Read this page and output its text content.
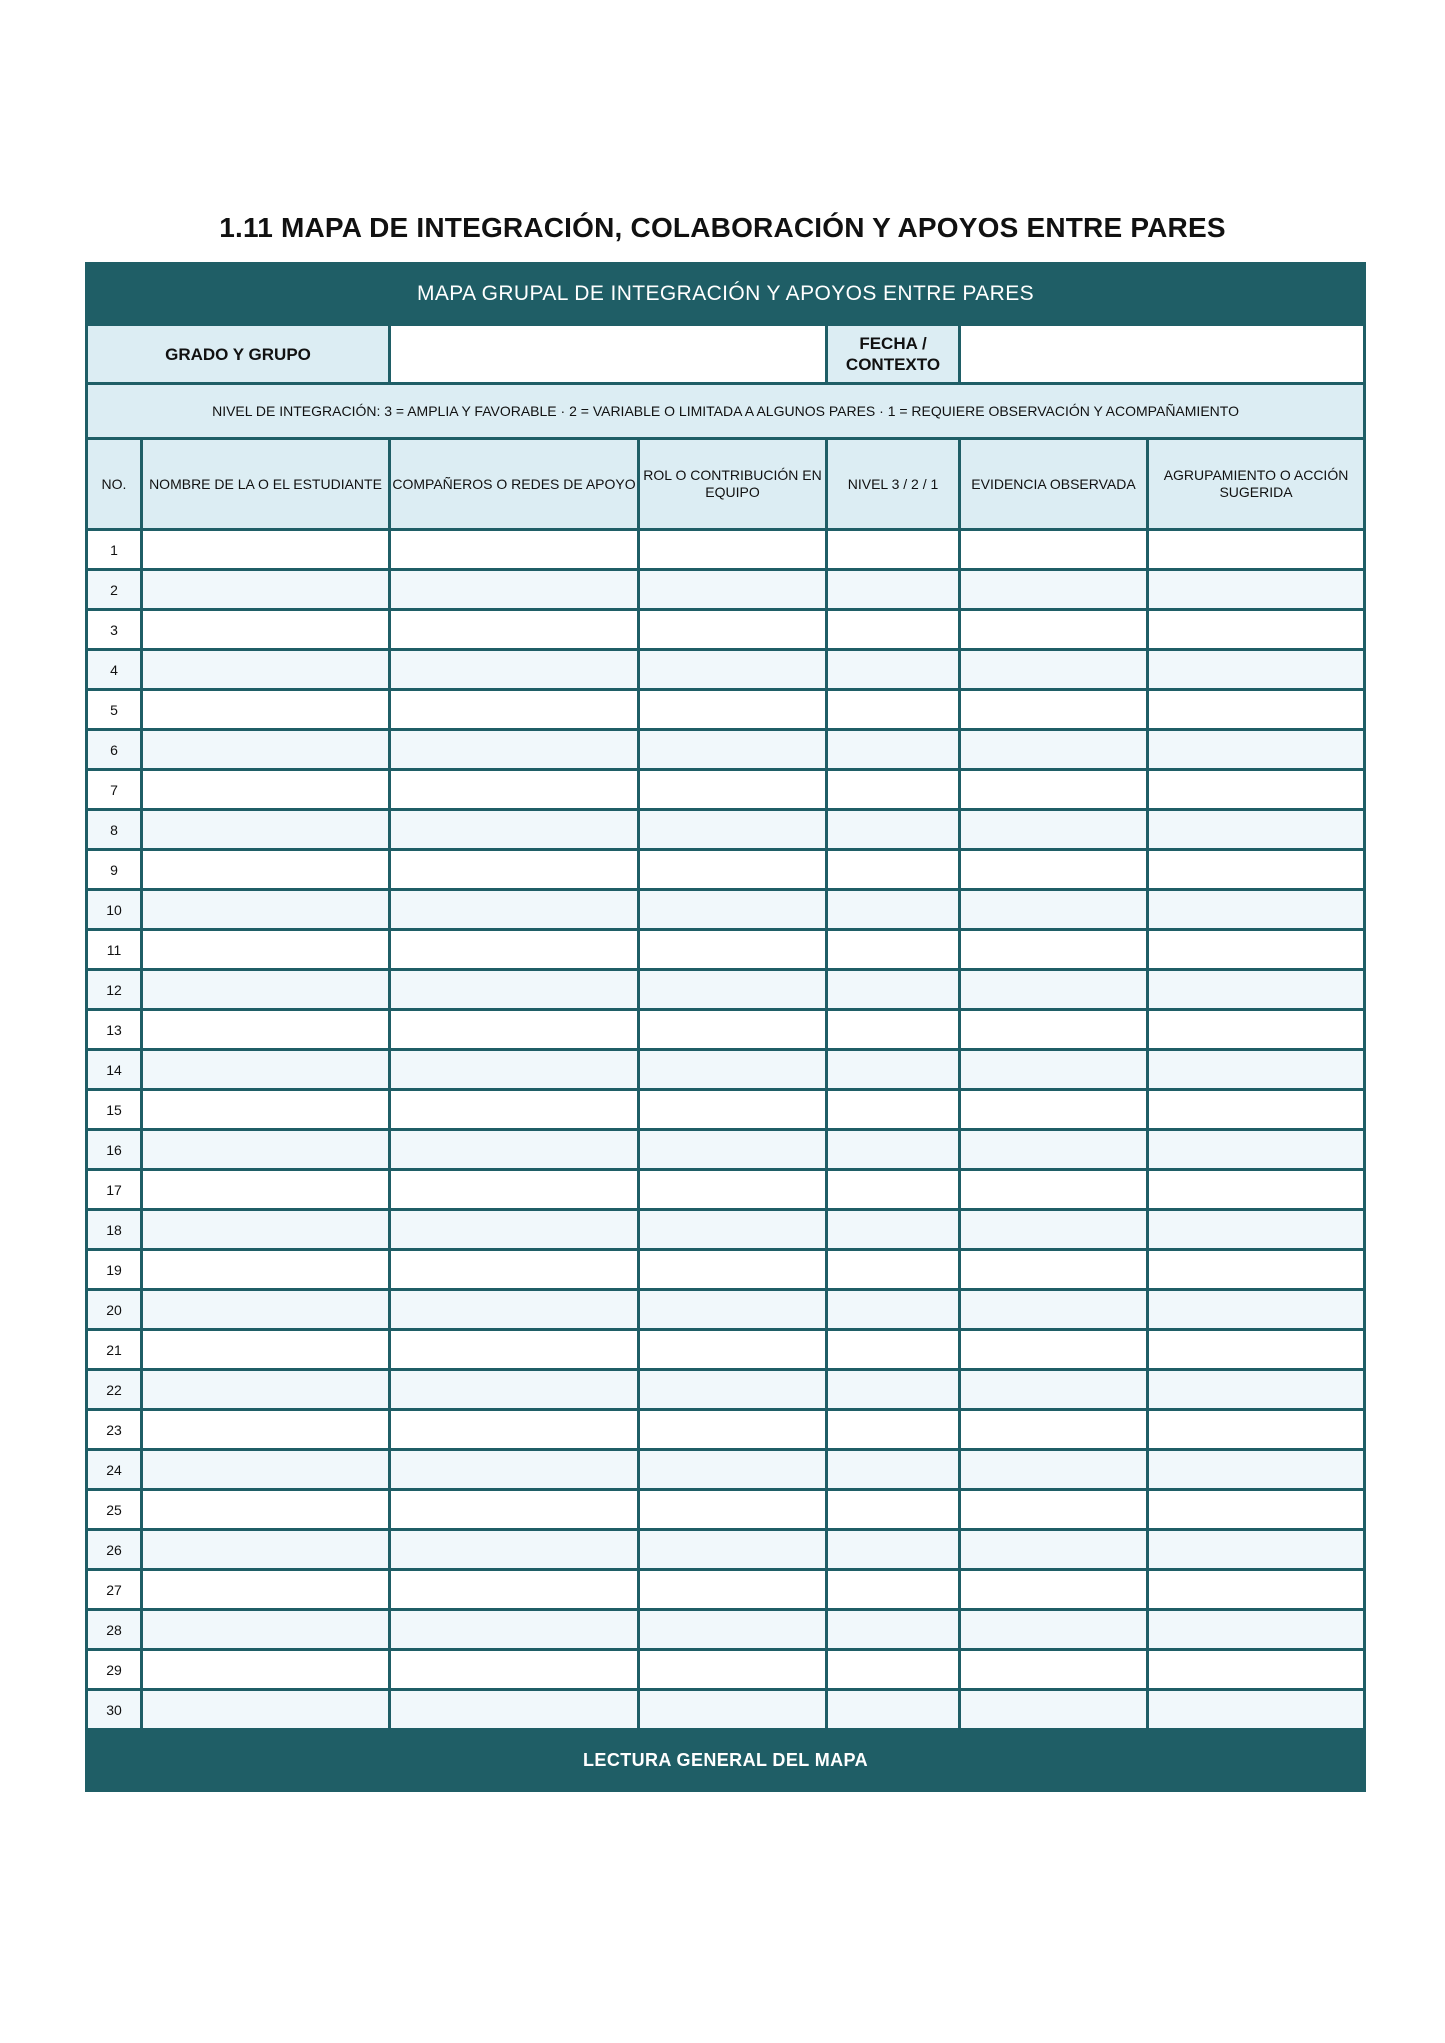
1.11 MAPA DE INTEGRACIÓN, COLABORACIÓN Y APOYOS ENTRE PARES
MAPA GRUPAL DE INTEGRACIÓN Y APOYOS ENTRE PARES						
GRADO Y GRUPO				FECHA /
CONTEXTO		
NIVEL DE INTEGRACIÓN: 3 = AMPLIA Y FAVORABLE · 2 = VARIABLE O LIMITADA A ALGUNOS PARES · 1 = REQUIERE OBSERVACIÓN Y ACOMPAÑAMIENTO						
NO.	NOMBRE DE LA O EL ESTUDIANTE	COMPAÑEROS O REDES DE APOYO	ROL O CONTRIBUCIÓN EN EQUIPO	NIVEL 3 / 2 / 1	EVIDENCIA OBSERVADA	AGRUPAMIENTO O ACCIÓN SUGERIDA
1						
2						
3						
4						
5						
6						
7						
8						
9						
10						
11						
12						
13						
14						
15						
16						
17						
18						
19						
20						
21						
22						
23						
24						
25						
26						
27						
28						
29						
30						
LECTURA GENERAL DEL MAPA						
